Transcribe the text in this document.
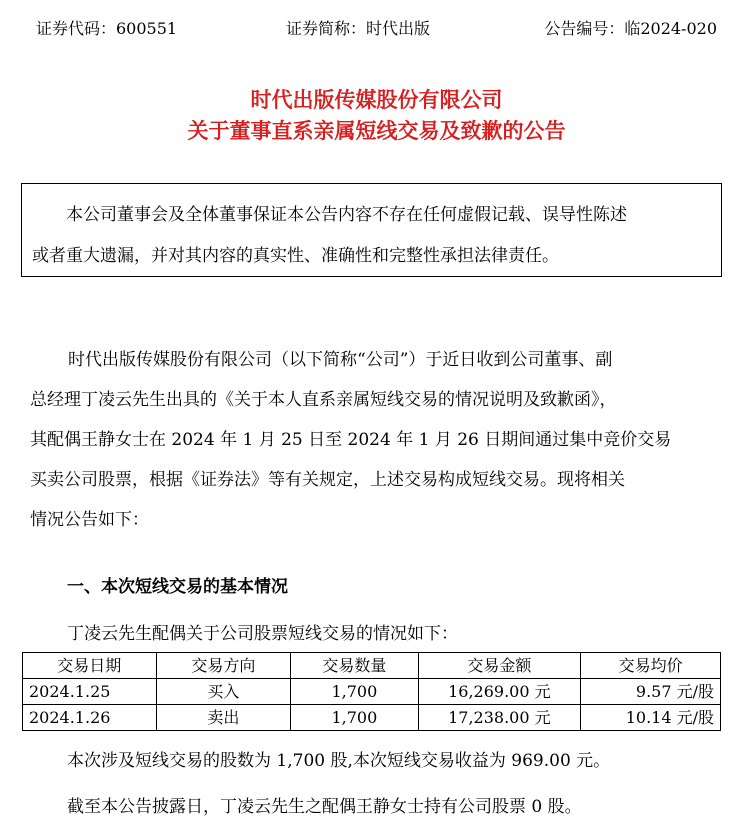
证券代码：600551	证券简称：时代出版	公告编号：临2024-020
时代出版传媒股份有限公司
关于董事直系亲属短线交易及致歉的公告

本公司董事会及全体董事保证本公告内容不存在任何虚假记载、误导性陈述

或者重大遗漏，并对其内容的真实性、准确性和完整性承担法律责任。

时代出版传媒股份有限公司（以下简称“公司”）于近日收到公司董事、副
总经理丁凌云先生出具的《关于本人直系亲属短线交易的情况说明及致歉函》，
其配偶王静女士在 2024 年 1 月 25 日至 2024 年 1 月 26 日期间通过集中竞价交易
买卖公司股票，根据《证券法》等有关规定，上述交易构成短线交易。现将相关
情况公告如下：
一、本次短线交易的基本情况
丁凌云先生配偶关于公司股票短线交易的情况如下：
交易日期	交易方向	交易数量	交易金额	交易均价
2024.1.25	买入	1,700	16,269.00 元	9.57 元/股
2024.1.26	卖出	1,700	17,238.00 元	10.14 元/股
本次涉及短线交易的股数为 1,700 股,本次短线交易收益为 969.00 元。
截至本公告披露日，丁凌云先生之配偶王静女士持有公司股票 0 股。
